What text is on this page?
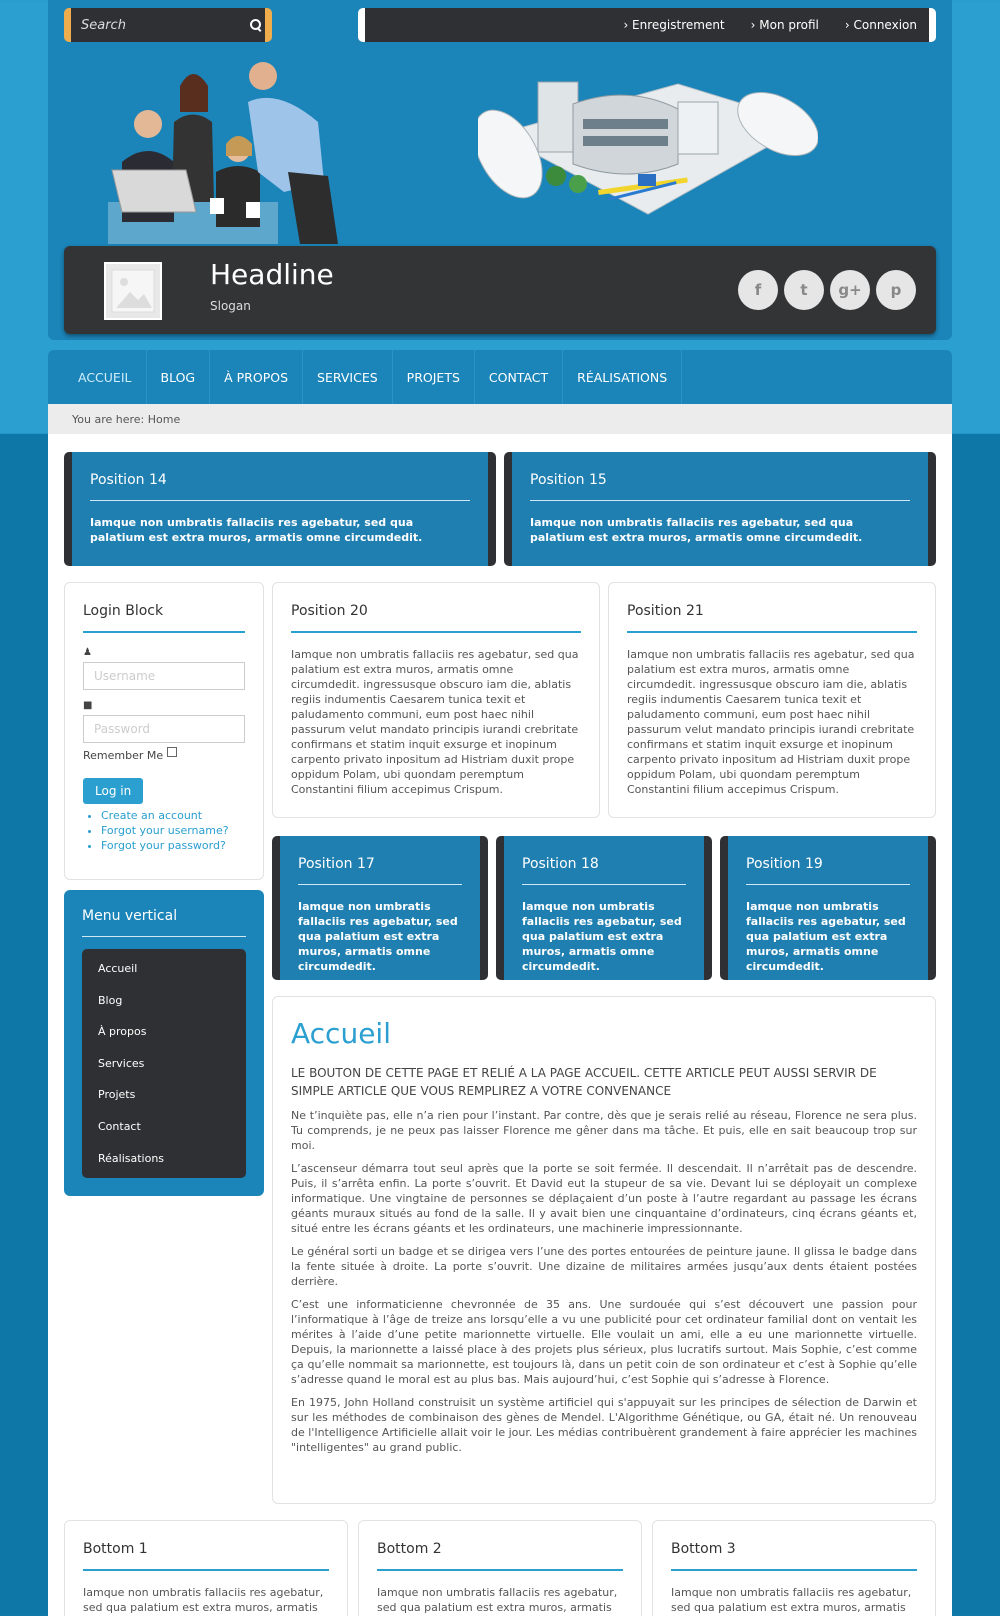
Search
› Enregistrement › Mon profil › Connexion
Headline
Slogan
f	t	g+	p
ACCUEIL	BLOG	À PROPOS	SERVICES	PROJETS	CONTACT	RÉALISATIONS
You are here: Home
Position 14

Iamque non umbratis fallaciis res agebatur, sed qua palatium est extra muros, armatis omne circumdedit.

Position 15

Iamque non umbratis fallaciis res agebatur, sed qua palatium est extra muros, armatis omne circumdedit.

Login Block
♟
Username
■
Remember Me
Log in
• Create an account
• Forgot your username?
• Forgot your password?
Menu vertical
Accueil
Blog
À propos
Services
Projets
Contact
Réalisations
Position 20

Iamque non umbratis fallaciis res agebatur, sed qua palatium est extra muros, armatis omne circumdedit. ingressusque obscuro iam die, ablatis regiis indumentis Caesarem tunica texit et paludamento communi, eum post haec nihil passurum velut mandato principis iurandi crebritate confirmans et statim inquit exsurge et inopinum carpento privato inpositum ad Histriam duxit prope oppidum Polam, ubi quondam peremptum Constantini filium accepimus Crispum.

Position 21

Iamque non umbratis fallaciis res agebatur, sed qua palatium est extra muros, armatis omne circumdedit. ingressusque obscuro iam die, ablatis regiis indumentis Caesarem tunica texit et paludamento communi, eum post haec nihil passurum velut mandato principis iurandi crebritate confirmans et statim inquit exsurge et inopinum carpento privato inpositum ad Histriam duxit prope oppidum Polam, ubi quondam peremptum Constantini filium accepimus Crispum.

Position 17

Iamque non umbratis fallaciis res agebatur, sed qua palatium est extra muros, armatis omne circumdedit.

Position 18

Iamque non umbratis fallaciis res agebatur, sed qua palatium est extra muros, armatis omne circumdedit.

Position 19

Iamque non umbratis fallaciis res agebatur, sed qua palatium est extra muros, armatis omne circumdedit.

Accueil
LE BOUTON DE CETTE PAGE ET RELIÉ A LA PAGE ACCUEIL. CETTE ARTICLE PEUT AUSSI SERVIR DE SIMPLE ARTICLE QUE VOUS REMPLIREZ A VOTRE CONVENANCE

Ne t’inquiète pas, elle n’a rien pour l’instant. Par contre, dès que je serais relié au réseau, Florence ne sera plus. Tu comprends, je ne peux pas laisser Florence me gêner dans ma tâche. Et puis, elle en sait beaucoup trop sur moi.

L’ascenseur démarra tout seul après que la porte se soit fermée. Il descendait. Il n’arrêtait pas de descendre. Puis, il s’arrêta enfin. La porte s’ouvrit. Et David eut la stupeur de sa vie. Devant lui se déployait un complexe informatique. Une vingtaine de personnes se déplaçaient d’un poste à l’autre regardant au passage les écrans géants muraux situés au fond de la salle. Il y avait bien une cinquantaine d’ordinateurs, cinq écrans géants et, situé entre les écrans géants et les ordinateurs, une machinerie impressionnante.

Le général sorti un badge et se dirigea vers l’une des portes entourées de peinture jaune. Il glissa le badge dans la fente située à droite. La porte s’ouvrit. Une dizaine de militaires armées jusqu’aux dents étaient postées derrière.

C’est une informaticienne chevronnée de 35 ans. Une surdouée qui s’est découvert une passion pour l’informatique à l’âge de treize ans lorsqu’elle a vu une publicité pour cet ordinateur familial dont on ventait les mérites à l’aide d’une petite marionnette virtuelle. Elle voulait un ami, elle a eu une marionnette virtuelle. Depuis, la marionnette a laissé place à des projets plus sérieux, plus lucratifs surtout. Mais Sophie, c’est comme ça qu’elle nommait sa marionnette, est toujours là, dans un petit coin de son ordinateur et c’est à Sophie qu’elle s’adresse quand le moral est au plus bas. Mais aujourd’hui, c’est Sophie qui s’adresse à Florence.

En 1975, John Holland construisit un système artificiel qui s'appuyait sur les principes de sélection de Darwin et sur les méthodes de combinaison des gènes de Mendel. L'Algorithme Génétique, ou GA, était né. Un renouveau de l'Intelligence Artificielle allait voir le jour. Les médias contribuèrent grandement à faire apprécier les machines "intelligentes" au grand public.

Bottom 1

Iamque non umbratis fallaciis res agebatur, sed qua palatium est extra muros, armatis

Bottom 2

Iamque non umbratis fallaciis res agebatur, sed qua palatium est extra muros, armatis

Bottom 3

Iamque non umbratis fallaciis res agebatur, sed qua palatium est extra muros, armatis
